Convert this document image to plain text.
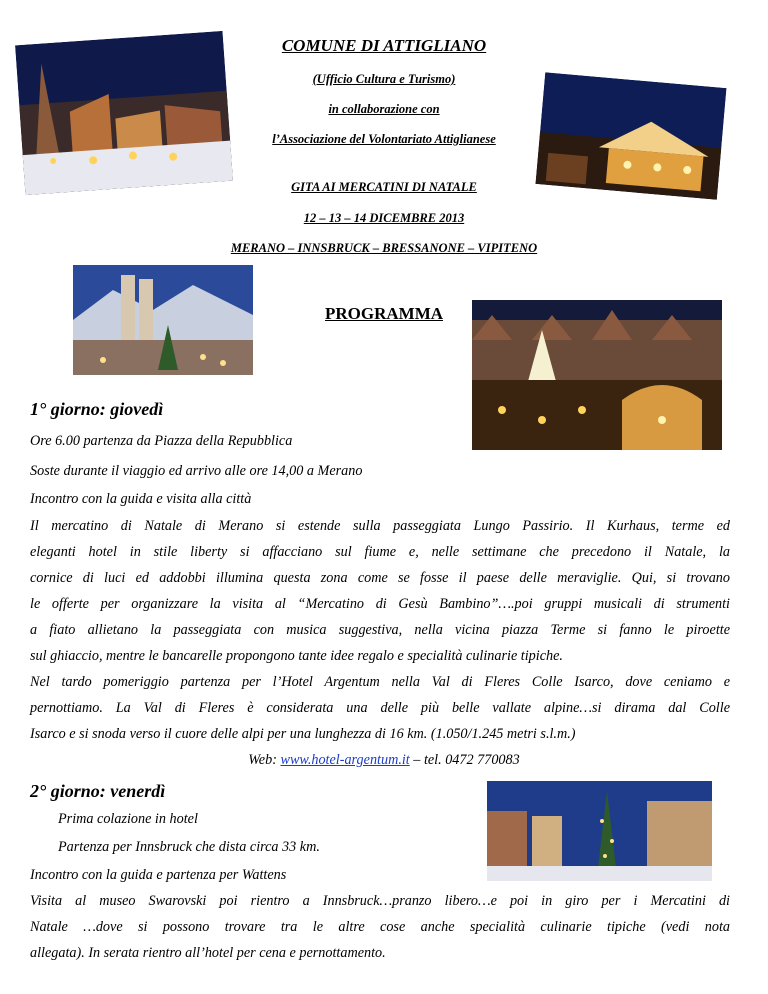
COMUNE DI ATTIGLIANO
(Ufficio Cultura e Turismo)
in collaborazione con
l’Associazione del Volontariato Attiglianese
GITA AI MERCATINI DI NATALE
12 – 13 – 14 DICEMBRE 2013
MERANO – INNSBRUCK – BRESSANONE – VIPITENO
PROGRAMMA
1° giorno: giovedì
Ore 6.00 partenza da Piazza della Repubblica
Soste durante il viaggio ed arrivo alle ore 14,00 a Merano
Incontro con la guida e visita alla città
Il mercatino di Natale di Merano si estende sulla passeggiata Lungo Passirio. Il Kurhaus, terme ed
eleganti hotel in stile liberty si affacciano sul fiume e, nelle settimane che precedono il Natale, la
cornice di luci ed addobbi illumina questa zona come se fosse il paese delle meraviglie. Qui, si trovano
le offerte per organizzare la visita al “Mercatino di Gesù Bambino”….poi gruppi musicali di strumenti
a fiato allietano la passeggiata con musica suggestiva, nella vicina piazza Terme si fanno le piroette
sul ghiaccio, mentre le bancarelle propongono tante idee regalo e specialità culinarie tipiche.
Nel tardo pomeriggio partenza per l’Hotel Argentum nella Val di Fleres Colle Isarco, dove ceniamo e
pernottiamo. La Val di Fleres è considerata una delle più belle vallate alpine…si dirama dal Colle
Isarco e si snoda verso il cuore delle alpi per una lunghezza di 16 km. (1.050/1.245 metri s.l.m.)
Web: www.hotel-argentum.it – tel. 0472 770083
2° giorno: venerdì
Prima colazione in hotel
Partenza per Innsbruck che dista circa 33 km.
Incontro con la guida e partenza per Wattens
Visita al museo Swarovski poi rientro a Innsbruck…pranzo libero…e poi in giro per i Mercatini di
Natale …dove si possono trovare tra le altre cose anche specialità culinarie tipiche (vedi nota
allegata). In serata rientro all’hotel per cena e pernottamento.
